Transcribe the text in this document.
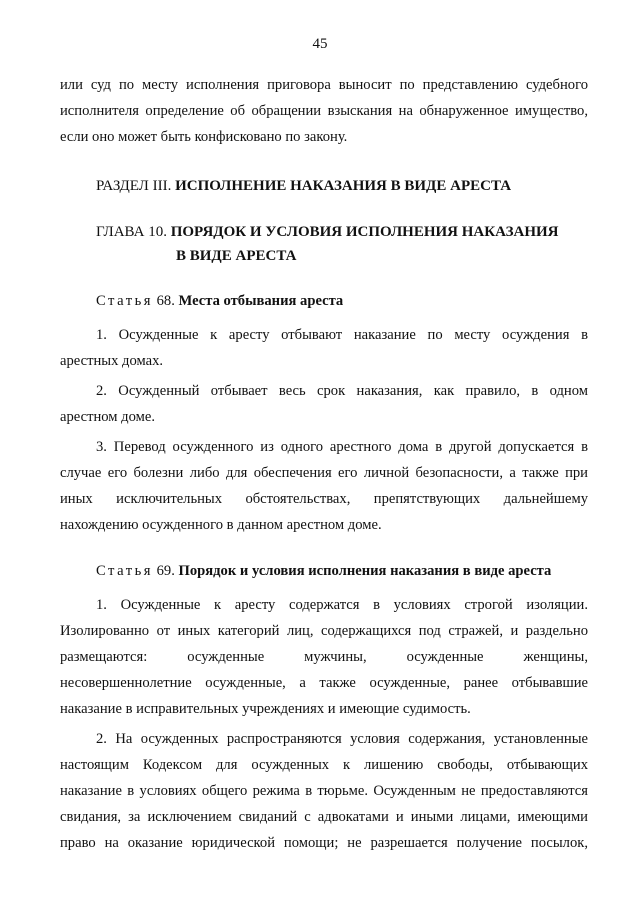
45

или суд по месту исполнения приговора выносит по представлению судебного

исполнителя определение об обращении взыскания на обнаруженное имущество,

если оно может быть конфисковано по закону.

РАЗДЕЛ III. ИСПОЛНЕНИЕ НАКАЗАНИЯ В ВИДЕ АРЕСТА

ГЛАВА 10. ПОРЯДОК И УСЛОВИЯ ИСПОЛНЕНИЯ НАКАЗАНИЯ

В ВИДЕ АРЕСТА

Статья 68. Места отбывания ареста

1. Осужденные к аресту отбывают наказание по месту осуждения в

арестных домах.

2. Осужденный отбывает весь срок наказания, как правило, в одном

арестном доме.

3. Перевод осужденного из одного арестного дома в другой допускается в

случае его болезни либо для обеспечения его личной безопасности, а также при

иных исключительных обстоятельствах, препятствующих дальнейшему

нахождению осужденного в данном арестном доме.

Статья 69. Порядок и условия исполнения наказания в виде ареста

1. Осужденные к аресту содержатся в условиях строгой изоляции.

Изолированно от иных категорий лиц, содержащихся под стражей, и раздельно

размещаются: осужденные мужчины, осужденные женщины,

несовершеннолетние осужденные, а также осужденные, ранее отбывавшие

наказание в исправительных учреждениях и имеющие судимость.

2. На осужденных распространяются условия содержания, установленные

настоящим Кодексом для осужденных к лишению свободы, отбывающих

наказание в условиях общего режима в тюрьме. Осужденным не предоставляются

свидания, за исключением свиданий с адвокатами и иными лицами, имеющими

право на оказание юридической помощи; не разрешается получение посылок,
